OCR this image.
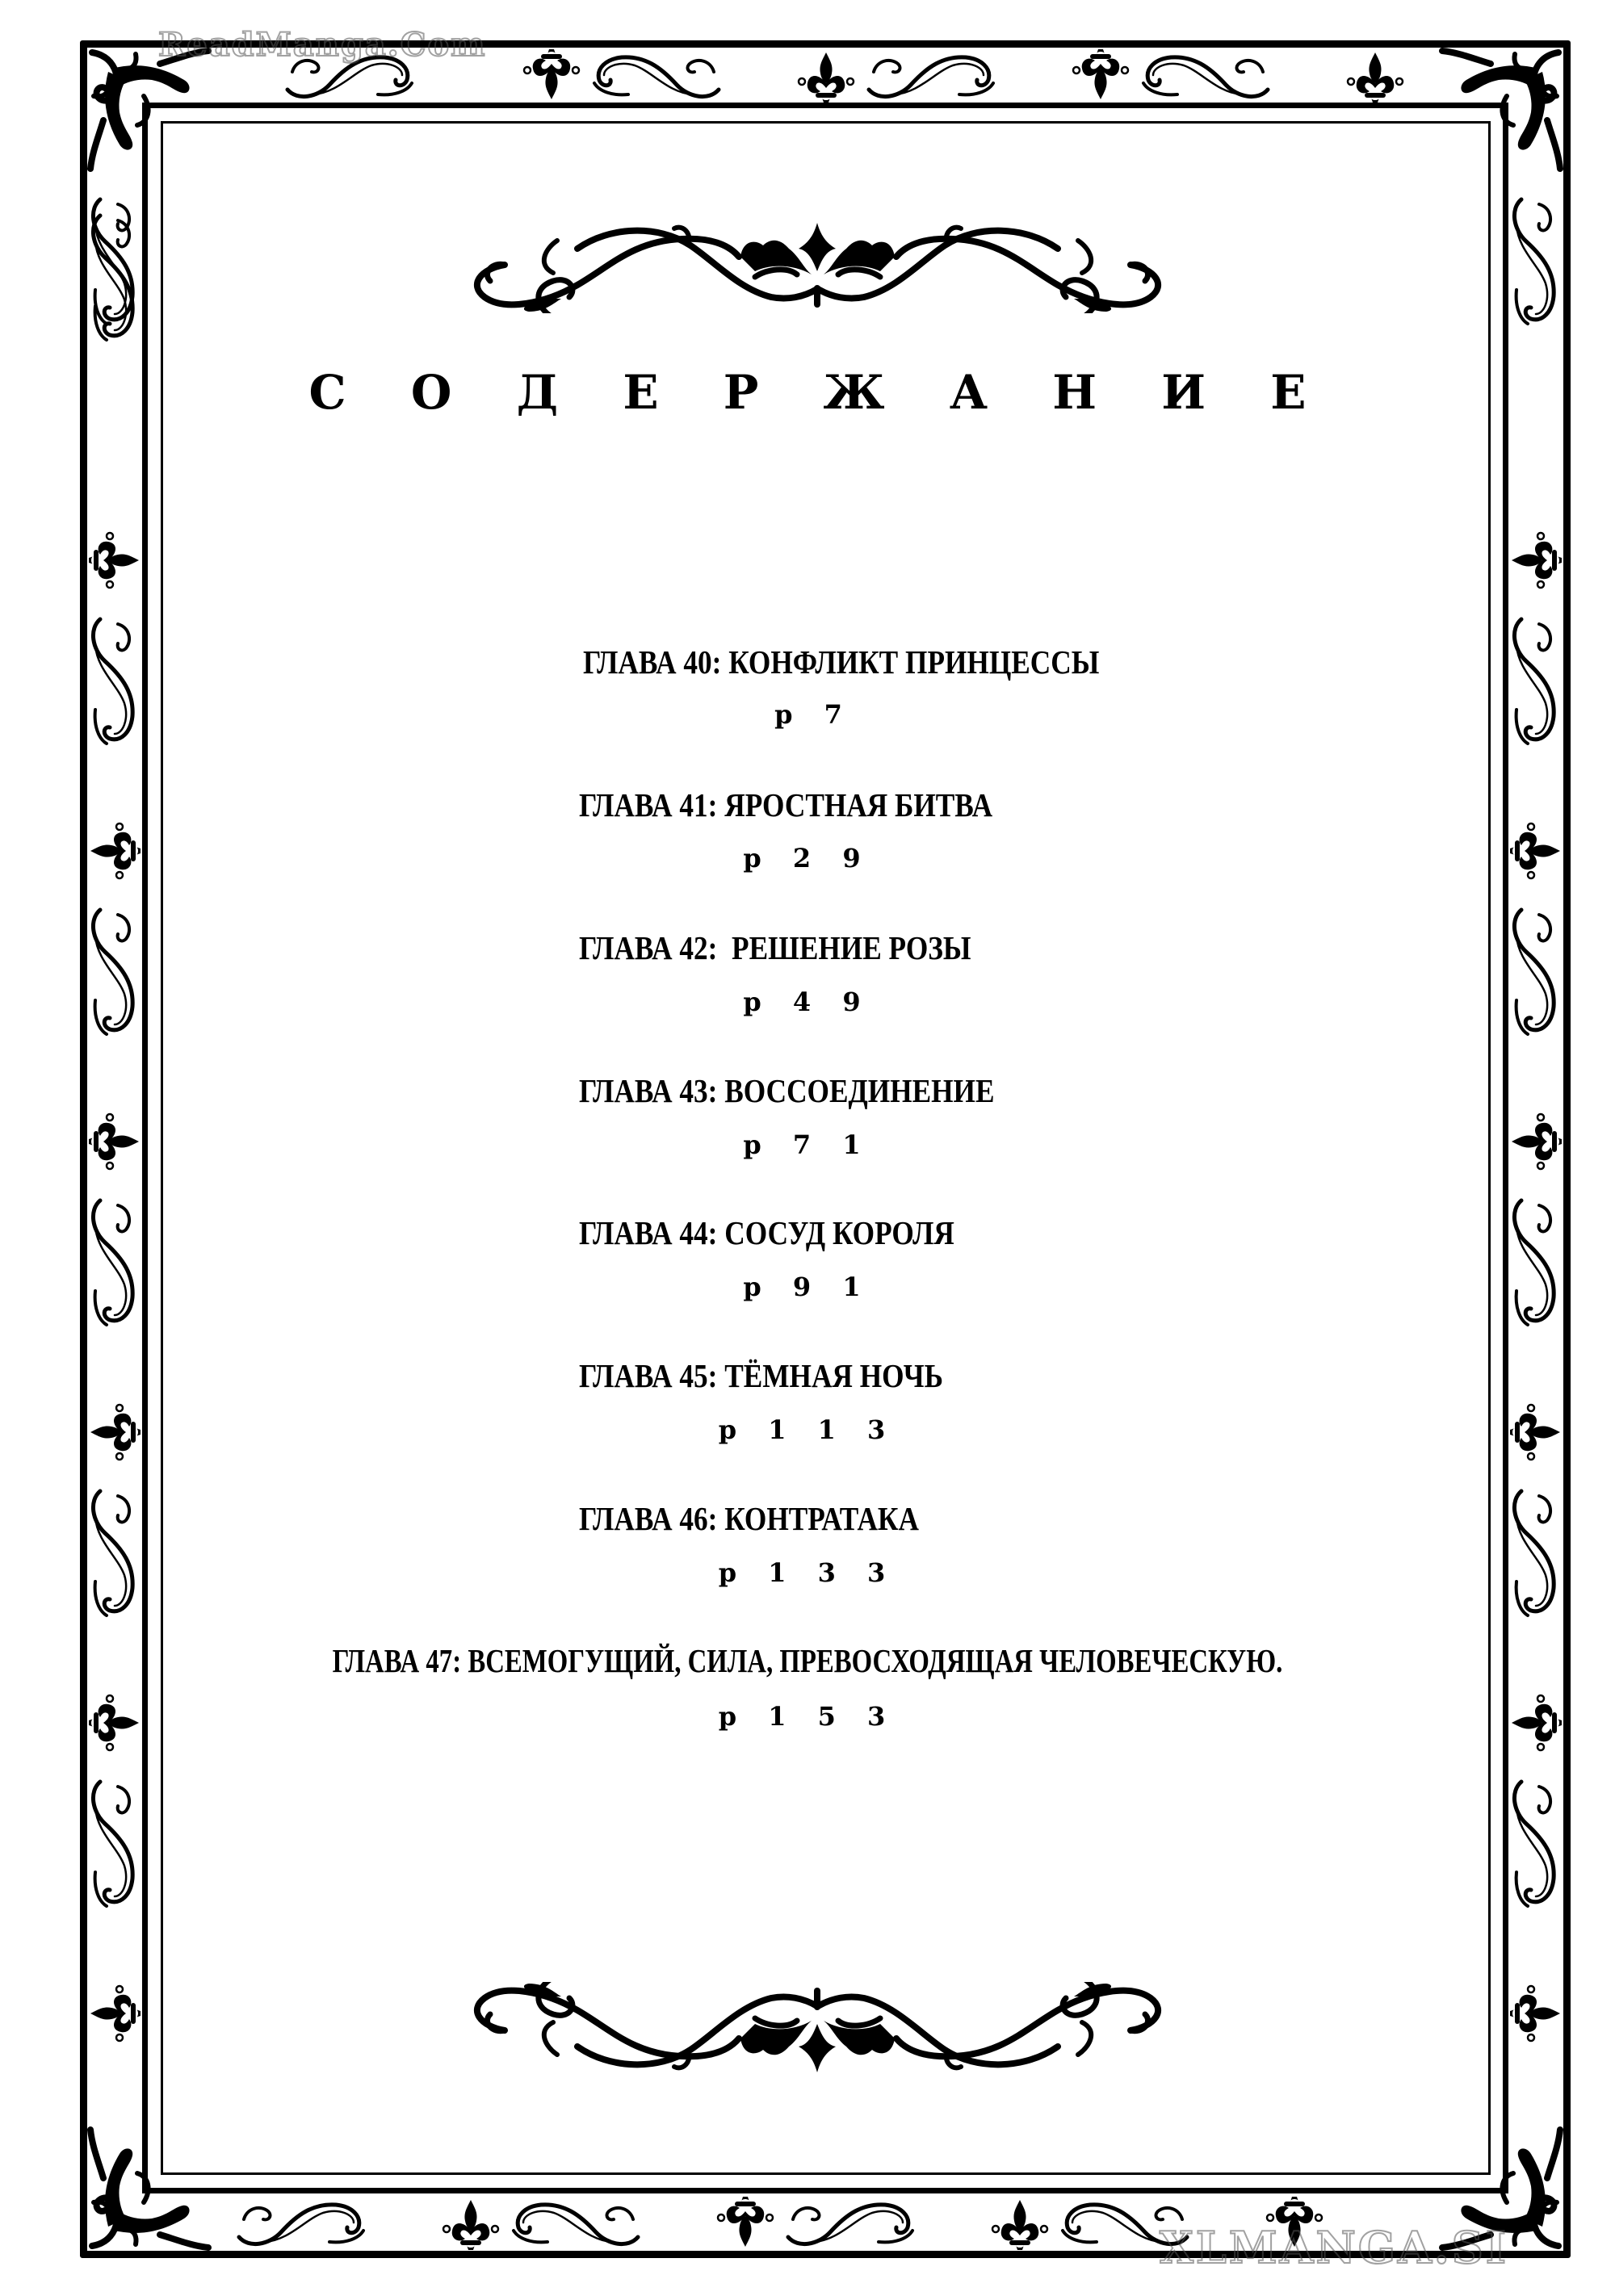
С О Д Е Р Ж А Н И Е
ГЛАВА 40: КОНФЛИКТ ПРИНЦЕССЫ
p 7
ГЛАВА 41: ЯРОСТНАЯ БИТВА
p 2 9
ГЛАВА 42:  РЕШЕНИЕ РОЗЫ
p 4 9
ГЛАВА 43: ВОССОЕДИНЕНИЕ
p 7 1
ГЛАВА 44: СОСУД КОРОЛЯ
p 9 1
ГЛАВА 45: ТЁМНАЯ НОЧЬ
p 1 1 3
ГЛАВА 46: КОНТРАТАКА
p 1 3 3
ГЛАВА 47: ВСЕМОГУЩИЙ, СИЛА, ПРЕВОСХОДЯЩАЯ ЧЕЛОВЕЧЕСКУЮ.
p 1 5 3
ReadManga.Com
XLMANGA.SI
